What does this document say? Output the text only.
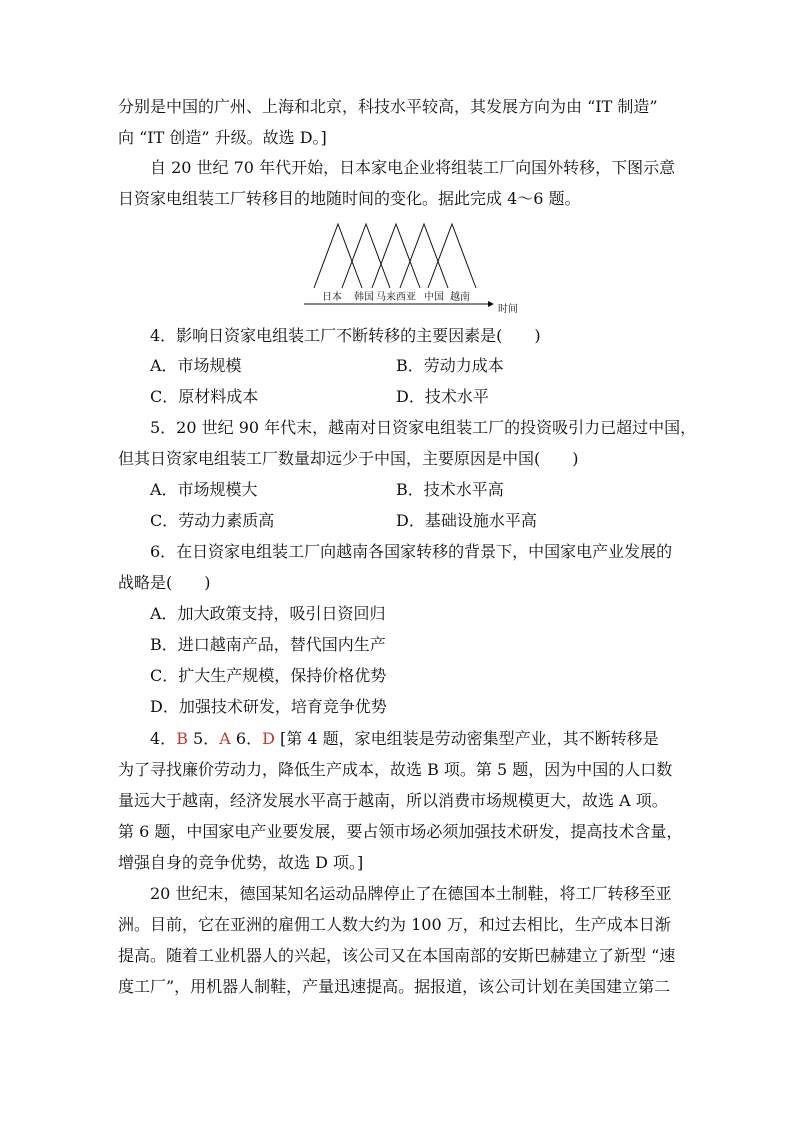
分别是中国的广州、上海和北京，科技水平较高，其发展方向为由 “IT 制造”
向 “IT 创造” 升级。故选 D。]
自 20 世纪 70 年代开始，日本家电企业将组装工厂向国外转移，下图示意
日资家电组装工厂转移目的地随时间的变化。据此完成 4～6 题。
日本 韩国 马来西亚 中国 越南
时间
4．影响日资家电组装工厂不断转移的主要因素是(　　)
A．市场规模	B．劳动力成本
C．原材料成本	D．技术水平
5．20 世纪 90 年代末，越南对日资家电组装工厂的投资吸引力已超过中国，
但其日资家电组装工厂数量却远少于中国，主要原因是中国(　　)
A．市场规模大	B．技术水平高
C．劳动力素质高	D．基础设施水平高
6．在日资家电组装工厂向越南各国家转移的背景下，中国家电产业发展的
战略是(　　)
A．加大政策支持，吸引日资回归
B．进口越南产品，替代国内生产
C．扩大生产规模，保持价格优势
D．加强技术研发，培育竞争优势
4．B 5．A 6．D [第 4 题，家电组装是劳动密集型产业，其不断转移是
为了寻找廉价劳动力，降低生产成本，故选 B 项。第 5 题，因为中国的人口数
量远大于越南，经济发展水平高于越南，所以消费市场规模更大，故选 A 项。
第 6 题，中国家电产业要发展，要占领市场必须加强技术研发，提高技术含量，
增强自身的竞争优势，故选 D 项。]
20 世纪末，德国某知名运动品牌停止了在德国本土制鞋，将工厂转移至亚
洲。目前，它在亚洲的雇佣工人数大约为 100 万，和过去相比，生产成本日渐
提高。随着工业机器人的兴起，该公司又在本国南部的安斯巴赫建立了新型 “速
度工厂”，用机器人制鞋，产量迅速提高。据报道，该公司计划在美国建立第二
